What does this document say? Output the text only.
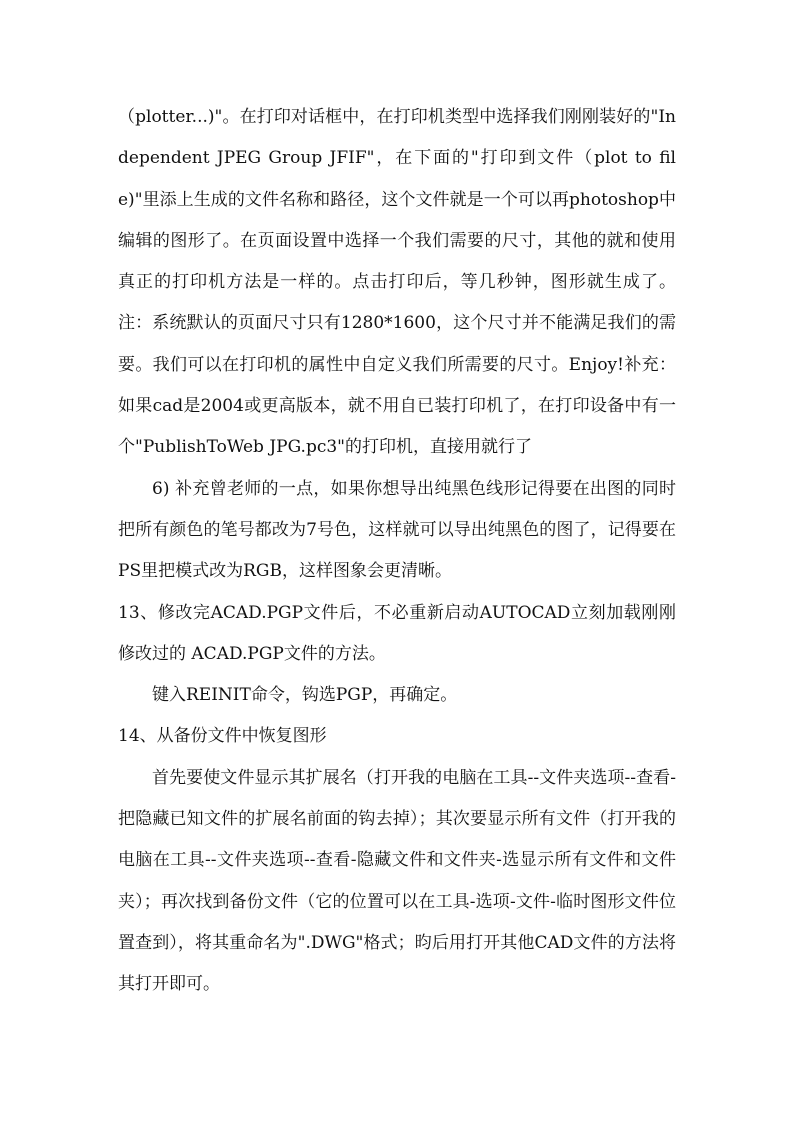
（plotter...)"。在打印对话框中，在打印机类型中选择我们刚刚装好的"Independent JPEG Group JFIF"，在下面的"打印到文件（plot to file)"里添上生成的文件名称和路径，这个文件就是一个可以再photoshop中编辑的图形了。在页面设置中选择一个我们需要的尺寸，其他的就和使用真正的打印机方法是一样的。点击打印后，等几秒钟，图形就生成了。注：系统默认的页面尺寸只有1280*1600，这个尺寸并不能满足我们的需要。我们可以在打印机的属性中自定义我们所需要的尺寸。Enjoy!补充：如果cad是2004或更高版本，就不用自已装打印机了，在打印设备中有一个"PublishToWeb JPG.pc3"的打印机，直接用就行了

6) 补充曾老师的一点，如果你想导出纯黑色线形记得要在出图的同时把所有颜色的笔号都改为7号色，这样就可以导出纯黑色的图了，记得要在PS里把模式改为RGB，这样图象会更清晰。

13、修改完ACAD.PGP文件后，不必重新启动AUTOCAD立刻加载刚刚修改过的 ACAD.PGP文件的方法。

键入REINIT命令，钩选PGP，再确定。

14、从备份文件中恢复图形

首先要使文件显示其扩展名（打开我的电脑在工具--文件夹选项--查看-把隐藏已知文件的扩展名前面的钩去掉）；其次要显示所有文件（打开我的电脑在工具--文件夹选项--查看-隐藏文件和文件夹-选显示所有文件和文件夹）；再次找到备份文件（它的位置可以在工具-选项-文件-临时图形文件位置查到），将其重命名为".DWG"格式；昀后用打开其他CAD文件的方法将其打开即可。
